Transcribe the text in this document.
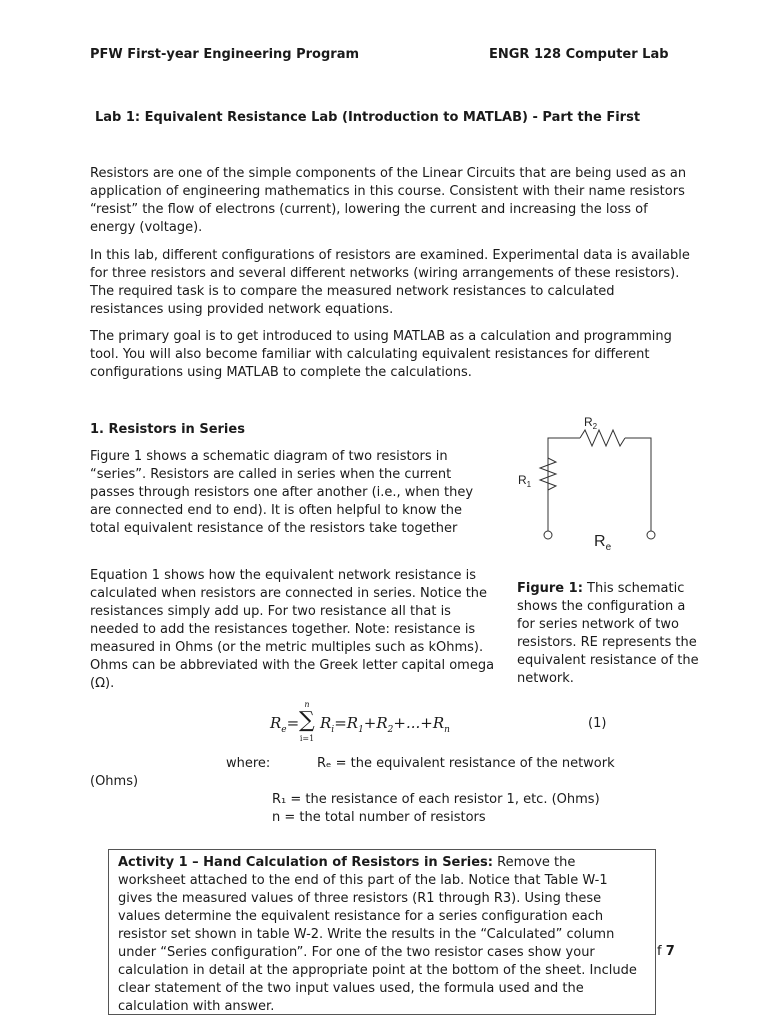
PFW First-year Engineering Program	ENGR 128 Computer Lab
Lab 1: Equivalent Resistance Lab (Introduction to MATLAB) - Part the First
Resistors are one of the simple components of the Linear Circuits that are being used as an application of engineering mathematics in this course. Consistent with their name resistors “resist” the flow of electrons (current), lowering the current and increasing the loss of energy (voltage).
In this lab, different configurations of resistors are examined. Experimental data is available for three resistors and several different networks (wiring arrangements of these resistors). The required task is to compare the measured network resistances to calculated resistances using provided network equations.
The primary goal is to get introduced to using MATLAB as a calculation and programming tool. You will also become familiar with calculating equivalent resistances for different configurations using MATLAB to complete the calculations.
1. Resistors in Series
Figure 1 shows a schematic diagram of two resistors in “series”. Resistors are called in series when the current passes through resistors one after another (i.e., when they are connected end to end). It is often helpful to know the total equivalent resistance of the resistors take together
Equation 1 shows how the equivalent network resistance is calculated when resistors are connected in series. Notice the resistances simply add up. For two resistance all that is needed to add the resistances together. Note: resistance is measured in Ohms (or the metric multiples such as kOhms). Ohms can be abbreviated with the Greek letter capital omega (Ω).
$R_2$
$R_1$
$R_e$
Figure 1: This schematic shows the configuration a for series network of two resistors. RE represents the equivalent resistance of the network.
$R_e=$
n
∑
i=1
$R_i=R_1+R_2+...+R_n$	(1)
where:	Rₑ = the equivalent resistance of the network
(Ohms)
R₁ = the resistance of each resistor 1, etc. (Ohms)
n = the total number of resistors
f 7
Activity 1 – Hand Calculation of Resistors in Series: Remove the worksheet attached to the end of this part of the lab. Notice that Table W-1 gives the measured values of three resistors (R1 through R3). Using these values determine the equivalent resistance for a series configuration each resistor set shown in table W-2. Write the results in the “Calculated” column under “Series configuration”. For one of the two resistor cases show your calculation in detail at the appropriate point at the bottom of the sheet. Include clear statement of the two input values used, the formula used and the calculation with answer.
